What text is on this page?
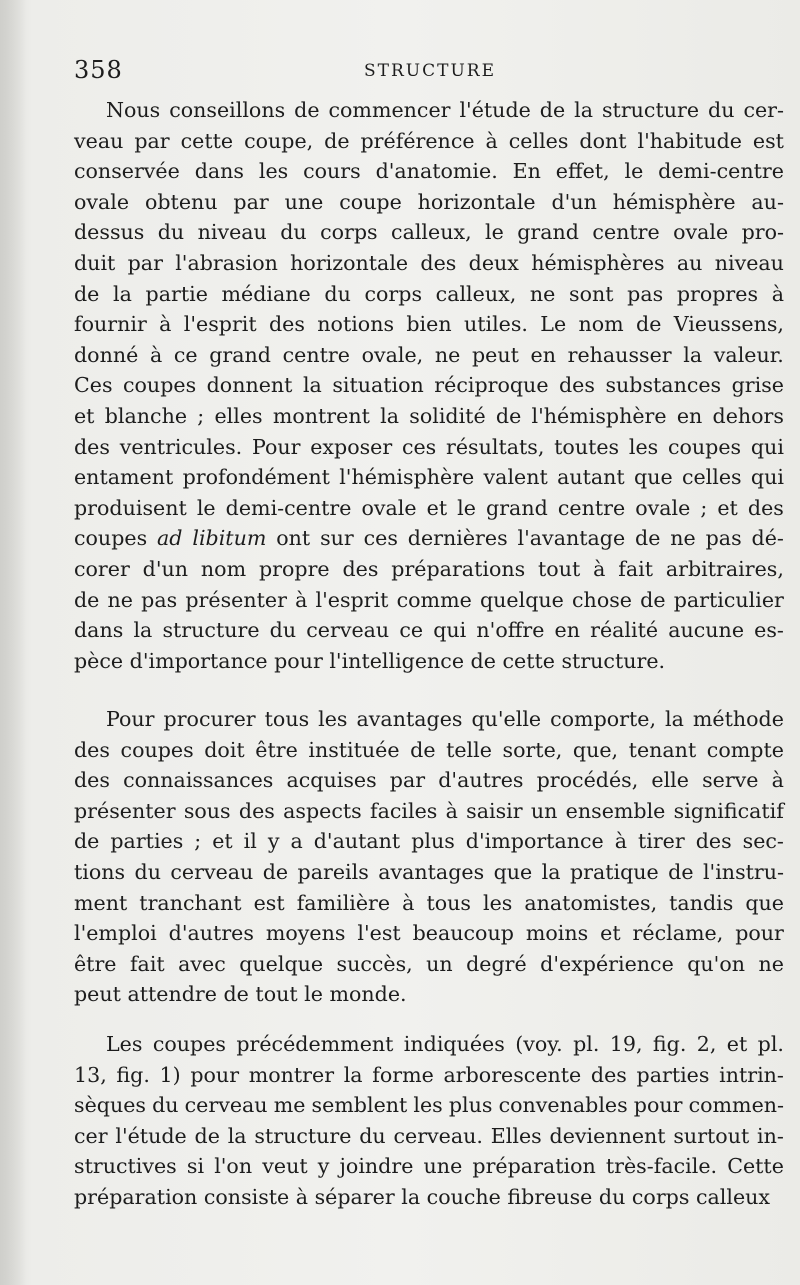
358	STRUCTURE
Nous conseillons de commencer l'étude de la structure du cer-
veau par cette coupe, de préférence à celles dont l'habitude est
conservée dans les cours d'anatomie. En effet, le demi-centre
ovale obtenu par une coupe horizontale d'un hémisphère au-
dessus du niveau du corps calleux, le grand centre ovale pro-
duit par l'abrasion horizontale des deux hémisphères au niveau
de la partie médiane du corps calleux, ne sont pas propres à
fournir à l'esprit des notions bien utiles. Le nom de Vieussens,
donné à ce grand centre ovale, ne peut en rehausser la valeur.
Ces coupes donnent la situation réciproque des substances grise
et blanche ; elles montrent la solidité de l'hémisphère en dehors
des ventricules. Pour exposer ces résultats, toutes les coupes qui
entament profondément l'hémisphère valent autant que celles qui
produisent le demi-centre ovale et le grand centre ovale ; et des
coupes ad libitum ont sur ces dernières l'avantage de ne pas dé-
corer d'un nom propre des préparations tout à fait arbitraires,
de ne pas présenter à l'esprit comme quelque chose de particulier
dans la structure du cerveau ce qui n'offre en réalité aucune es-
pèce d'importance pour l'intelligence de cette structure.
Pour procurer tous les avantages qu'elle comporte, la méthode
des coupes doit être instituée de telle sorte, que, tenant compte
des connaissances acquises par d'autres procédés, elle serve à
présenter sous des aspects faciles à saisir un ensemble significatif
de parties ; et il y a d'autant plus d'importance à tirer des sec-
tions du cerveau de pareils avantages que la pratique de l'instru-
ment tranchant est familière à tous les anatomistes, tandis que
l'emploi d'autres moyens l'est beaucoup moins et réclame, pour
être fait avec quelque succès, un degré d'expérience qu'on ne
peut attendre de tout le monde.
Les coupes précédemment indiquées (voy. pl. 19, fig. 2, et pl.
13, fig. 1) pour montrer la forme arborescente des parties intrin-
sèques du cerveau me semblent les plus convenables pour commen-
cer l'étude de la structure du cerveau. Elles deviennent surtout in-
structives si l'on veut y joindre une préparation très-facile. Cette
préparation consiste à séparer la couche fibreuse du corps calleux
